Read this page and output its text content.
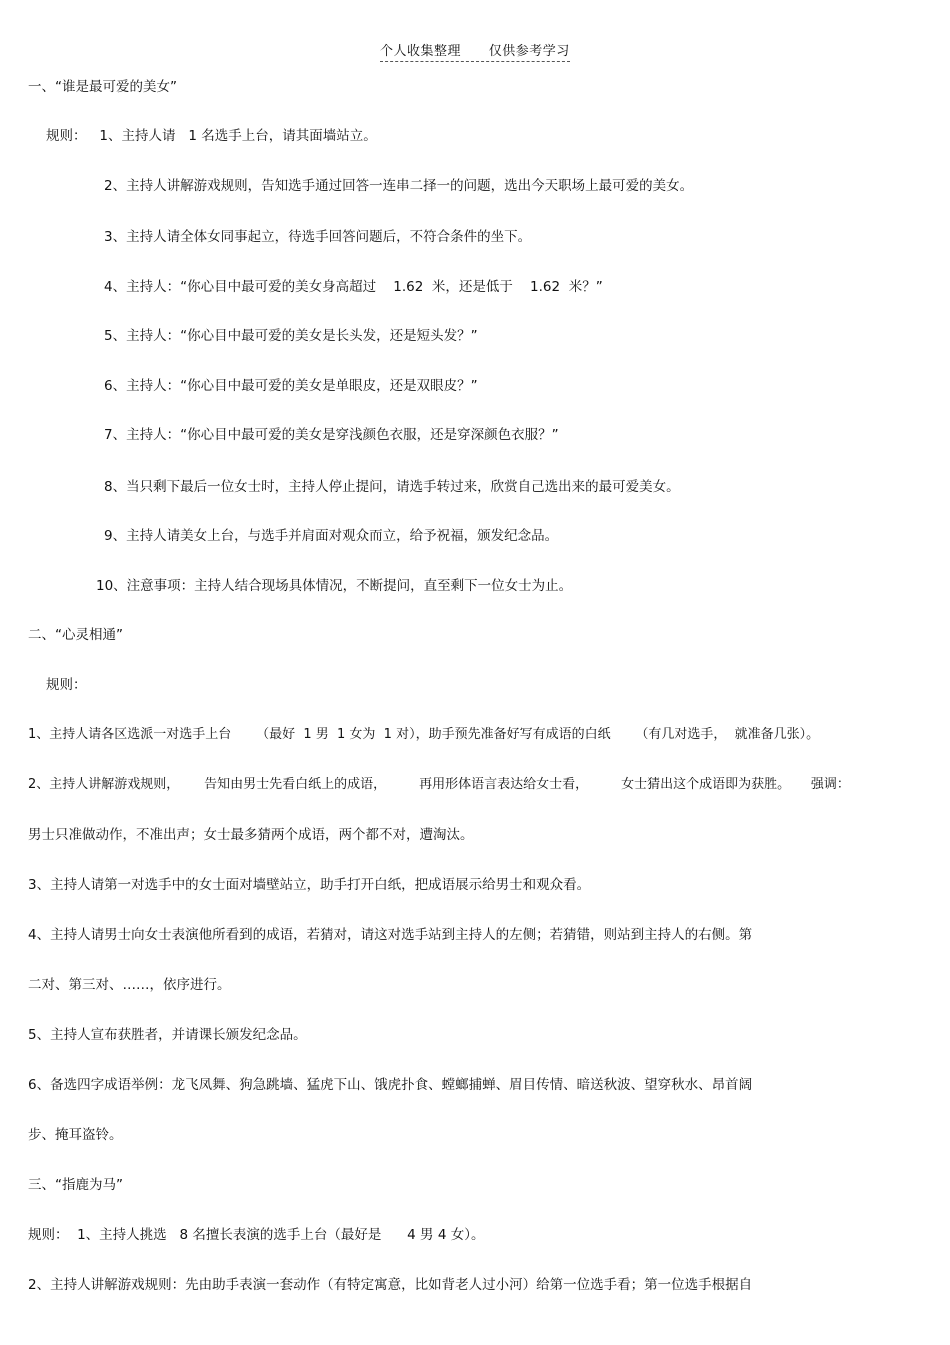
个人收集整理      仅供参考学习
一、“谁是最可爱的美女”
规则：   1、主持人请   1 名选手上台，请其面墙站立。
2、主持人讲解游戏规则，告知选手通过回答一连串二择一的问题，选出今天职场上最可爱的美女。
3、主持人请全体女同事起立，待选手回答问题后，不符合条件的坐下。
4、主持人：“你心目中最可爱的美女身高超过    1.62  米，还是低于    1.62  米？”
5、主持人：“你心目中最可爱的美女是长头发，还是短头发？”
6、主持人：“你心目中最可爱的美女是单眼皮，还是双眼皮？”
7、主持人：“你心目中最可爱的美女是穿浅颜色衣服，还是穿深颜色衣服？”
8、当只剩下最后一位女士时，主持人停止提问，请选手转过来，欣赏自己选出来的最可爱美女。
9、主持人请美女上台，与选手并肩面对观众而立，给予祝福，颁发纪念品。
10、注意事项：主持人结合现场具体情况，不断提问，直至剩下一位女士为止。
二、“心灵相通”
规则：
1、主持人请各区选派一对选手上台      （最好  1 男  1 女为  1 对），助手预先准备好写有成语的白纸      （有几对选手，  就准备几张）。
2、主持人讲解游戏规则，      告知由男士先看白纸上的成语，        再用形体语言表达给女士看，        女士猜出这个成语即为获胜。     强调：
男士只准做动作，不准出声；女士最多猜两个成语，两个都不对，遭淘汰。
3、主持人请第一对选手中的女士面对墙壁站立，助手打开白纸，把成语展示给男士和观众看。
4、主持人请男士向女士表演他所看到的成语，若猜对，请这对选手站到主持人的左侧；若猜错，则站到主持人的右侧。第
二对、第三对、……，依序进行。
5、主持人宣布获胜者，并请课长颁发纪念品。
6、备选四字成语举例：龙飞凤舞、狗急跳墙、猛虎下山、饿虎扑食、螳螂捕蝉、眉目传情、暗送秋波、望穿秋水、昂首阔
步、掩耳盗铃。
三、“指鹿为马”
规则：  1、主持人挑选   8 名擅长表演的选手上台（最好是      4 男 4 女）。
2、主持人讲解游戏规则：先由助手表演一套动作（有特定寓意，比如背老人过小河）给第一位选手看；第一位选手根据自
